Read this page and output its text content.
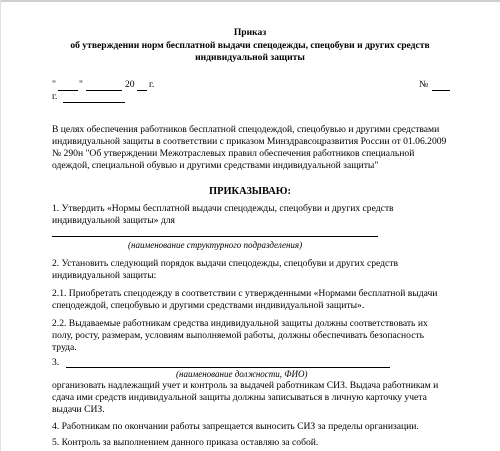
Приказ
об утверждении норм бесплатной выдачи спецодежды, спецобуви и других средств
индивидуальной защиты
" "	20 г.	№
г.
В целях обеспечения работников бесплатной спецодеждой, спецобувью и другими средствами
индивидуальной защиты в соответствии с приказом Минздравсоцразвития России от 01.06.2009
№ 290н "Об утверждении Межотраслевых правил обеспечения работников специальной
одеждой, специальной обувью и другими средствами индивидуальной защиты"
ПРИКАЗЫВАЮ:
1. Утвердить «Нормы бесплатной выдачи спецодежды, спецобуви и других средств
индивидуальной защиты» для
(наименование структурного подразделения)
2. Установить следующий порядок выдачи спецодежды, спецобуви и других средств
индивидуальной защиты:
2.1. Приобретать спецодежду в соответствии с утвержденными «Нормами бесплатной выдачи
спецодеждой, спецобувью и другими средствами индивидуальной защиты».
2.2. Выдаваемые работникам средства индивидуальной защиты должны соответствовать их
полу, росту, размерам, условиям выполняемой работы, должны обеспечивать безопасность
труда.
3.
(наименование должности, ФИО)
организовать надлежащий учет и контроль за выдачей работникам СИЗ. Выдача работникам и
сдача ими средств индивидуальной защиты должны записываться в личную карточку учета
выдачи СИЗ.
4. Работникам по окончании работы запрещается выносить СИЗ за пределы организации.
5. Контроль за выполнением данного приказа оставляю за собой.
